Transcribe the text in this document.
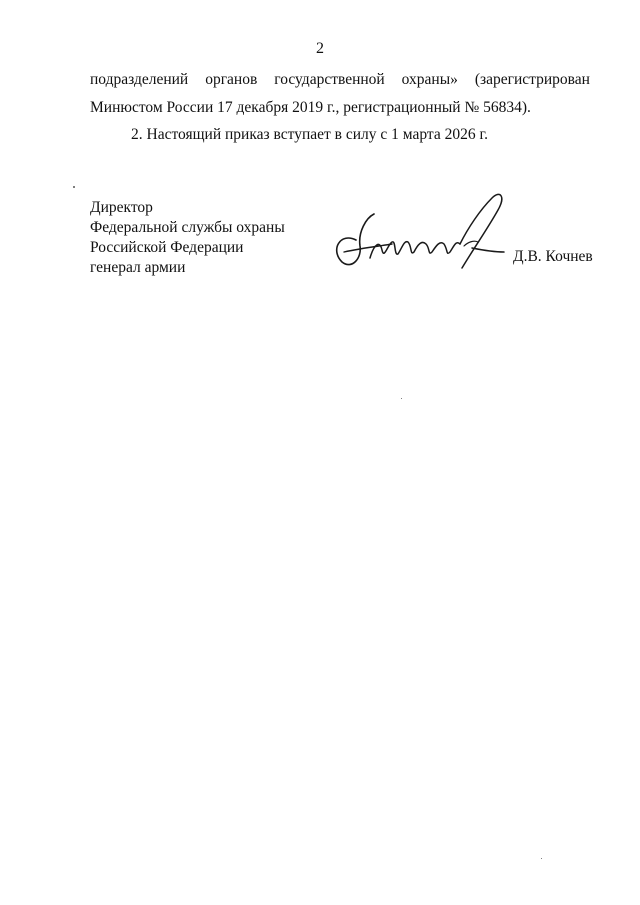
2
подразделений органов государственной охраны» (зарегистрирован
Минюстом России 17 декабря 2019 г., регистрационный № 56834).
2. Настоящий приказ вступает в силу с 1 марта 2026 г.
Директор
Федеральной службы охраны
Российской Федерации
генерал армии
Д.В. Кочнев
